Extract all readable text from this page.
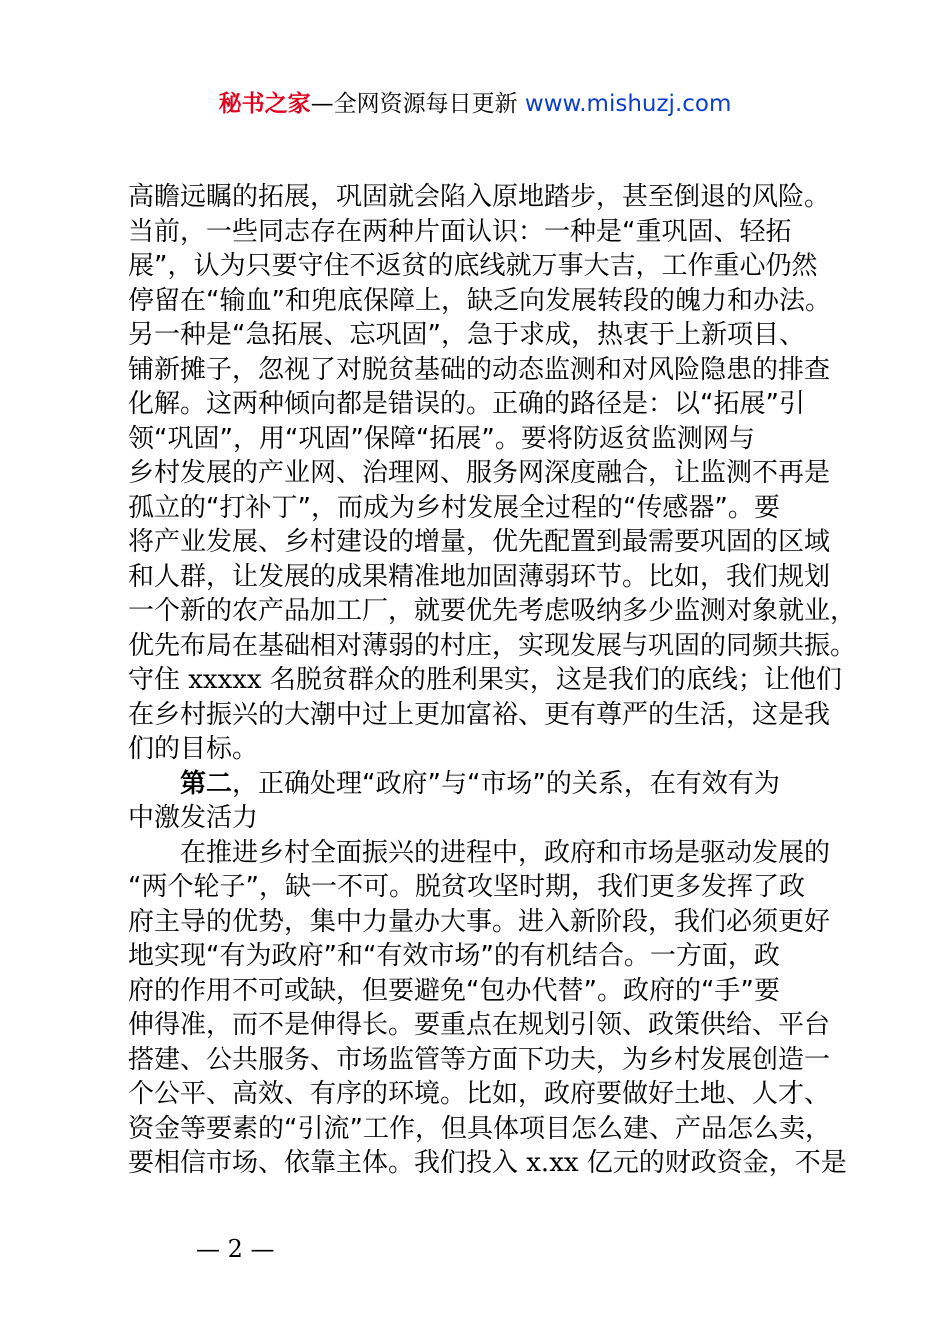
秘书之家—全网资源每日更新 www.mishuzj.com
高瞻远瞩的拓展，巩固就会陷入原地踏步，甚至倒退的风险。
当前，一些同志存在两种片面认识：一种是“重巩固、轻拓
展”，认为只要守住不返贫的底线就万事大吉，工作重心仍然
停留在“输血”和兜底保障上，缺乏向发展转段的魄力和办法。
另一种是“急拓展、忘巩固”，急于求成，热衷于上新项目、
铺新摊子，忽视了对脱贫基础的动态监测和对风险隐患的排查
化解。这两种倾向都是错误的。正确的路径是：以“拓展”引
领“巩固”，用“巩固”保障“拓展”。要将防返贫监测网与
乡村发展的产业网、治理网、服务网深度融合，让监测不再是
孤立的“打补丁”，而成为乡村发展全过程的“传感器”。要
将产业发展、乡村建设的增量，优先配置到最需要巩固的区域
和人群，让发展的成果精准地加固薄弱环节。比如，我们规划
一个新的农产品加工厂，就要优先考虑吸纳多少监测对象就业，
优先布局在基础相对薄弱的村庄，实现发展与巩固的同频共振。
守住 xxxxx 名脱贫群众的胜利果实，这是我们的底线；让他们
在乡村振兴的大潮中过上更加富裕、更有尊严的生活，这是我
们的目标。
第二，正确处理“政府”与“市场”的关系，在有效有为
中激发活力
在推进乡村全面振兴的进程中，政府和市场是驱动发展的
“两个轮子”，缺一不可。脱贫攻坚时期，我们更多发挥了政
府主导的优势，集中力量办大事。进入新阶段，我们必须更好
地实现“有为政府”和“有效市场”的有机结合。一方面，政
府的作用不可或缺，但要避免“包办代替”。政府的“手”要
伸得准，而不是伸得长。要重点在规划引领、政策供给、平台
搭建、公共服务、市场监管等方面下功夫，为乡村发展创造一
个公平、高效、有序的环境。比如，政府要做好土地、人才、
资金等要素的“引流”工作，但具体项目怎么建、产品怎么卖，
要相信市场、依靠主体。我们投入 x.xx 亿元的财政资金，不是
— 2 —
